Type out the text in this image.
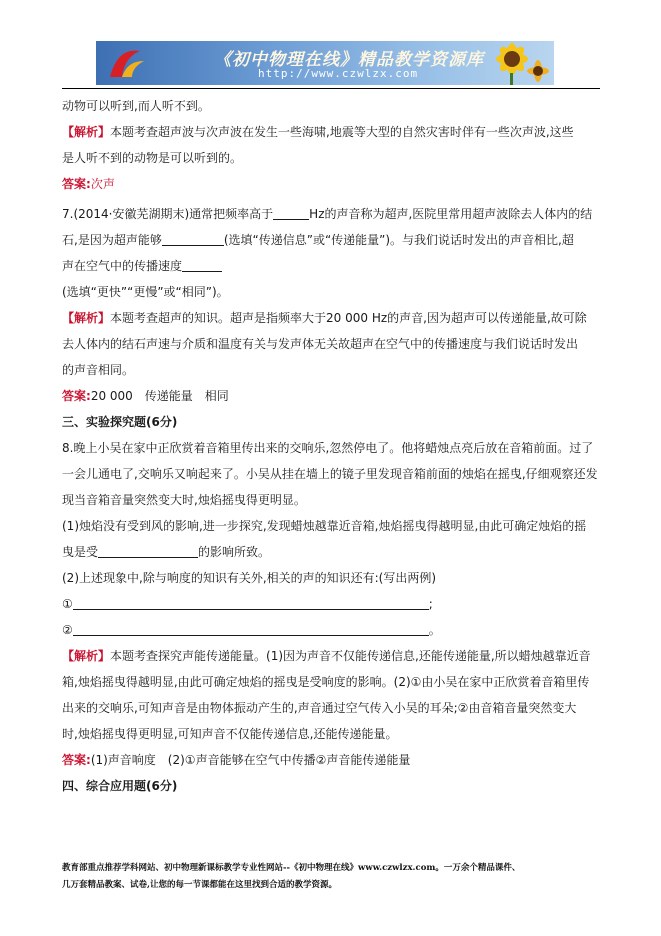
《初中物理在线》精品教学资源库
http://www.czwlzx.com

动物可以听到,而人听不到。

【解析】本题考查超声波与次声波在发生一些海啸,地震等大型的自然灾害时伴有一些次声波,这些

是人听不到的动物是可以听到的。

答案:次声

7.(2014·安徽芜湖期末)通常把频率高于	Hz的声音称为超声,医院里常用超声波除去人体内的结

石,是因为超声能够	(选填“传递信息”或“传递能量”)。与我们说话时发出的声音相比,超

声在空气中的传播速度

(选填“更快”“更慢”或“相同”)。

【解析】本题考查超声的知识。超声是指频率大于20 000 Hz的声音,因为超声可以传递能量,故可除

去人体内的结石声速与介质和温度有关与发声体无关故超声在空气中的传播速度与我们说话时发出

的声音相同。

答案:20 000　传递能量　相同

三、实验探究题(6分)

8.晚上小吴在家中正欣赏着音箱里传出来的交响乐,忽然停电了。他将蜡烛点亮后放在音箱前面。过了

一会儿通电了,交响乐又响起来了。小吴从挂在墙上的镜子里发现音箱前面的烛焰在摇曳,仔细观察还发

现当音箱音量突然变大时,烛焰摇曳得更明显。

(1)烛焰没有受到风的影响,进一步探究,发现蜡烛越靠近音箱,烛焰摇曳得越明显,由此可确定烛焰的摇

曳是受	的影响所致。

(2)上述现象中,除与响度的知识有关外,相关的声的知识还有:(写出两例)

①	;

②	。

【解析】本题考查探究声能传递能量。(1)因为声音不仅能传递信息,还能传递能量,所以蜡烛越靠近音

箱,烛焰摇曳得越明显,由此可确定烛焰的摇曳是受响度的影响。(2)①由小吴在家中正欣赏着音箱里传

出来的交响乐,可知声音是由物体振动产生的,声音通过空气传入小吴的耳朵;②由音箱音量突然变大

时,烛焰摇曳得更明显,可知声音不仅能传递信息,还能传递能量。

答案:(1)声音响度　(2)①声音能够在空气中传播②声音能传递能量

四、综合应用题(6分)

教育部重点推荐学科网站、初中物理新课标教学专业性网站--《初中物理在线》www.czwlzx.com。一万余个精品课件、
几万套精品教案、试卷,让您的每一节课都能在这里找到合适的教学资源。
